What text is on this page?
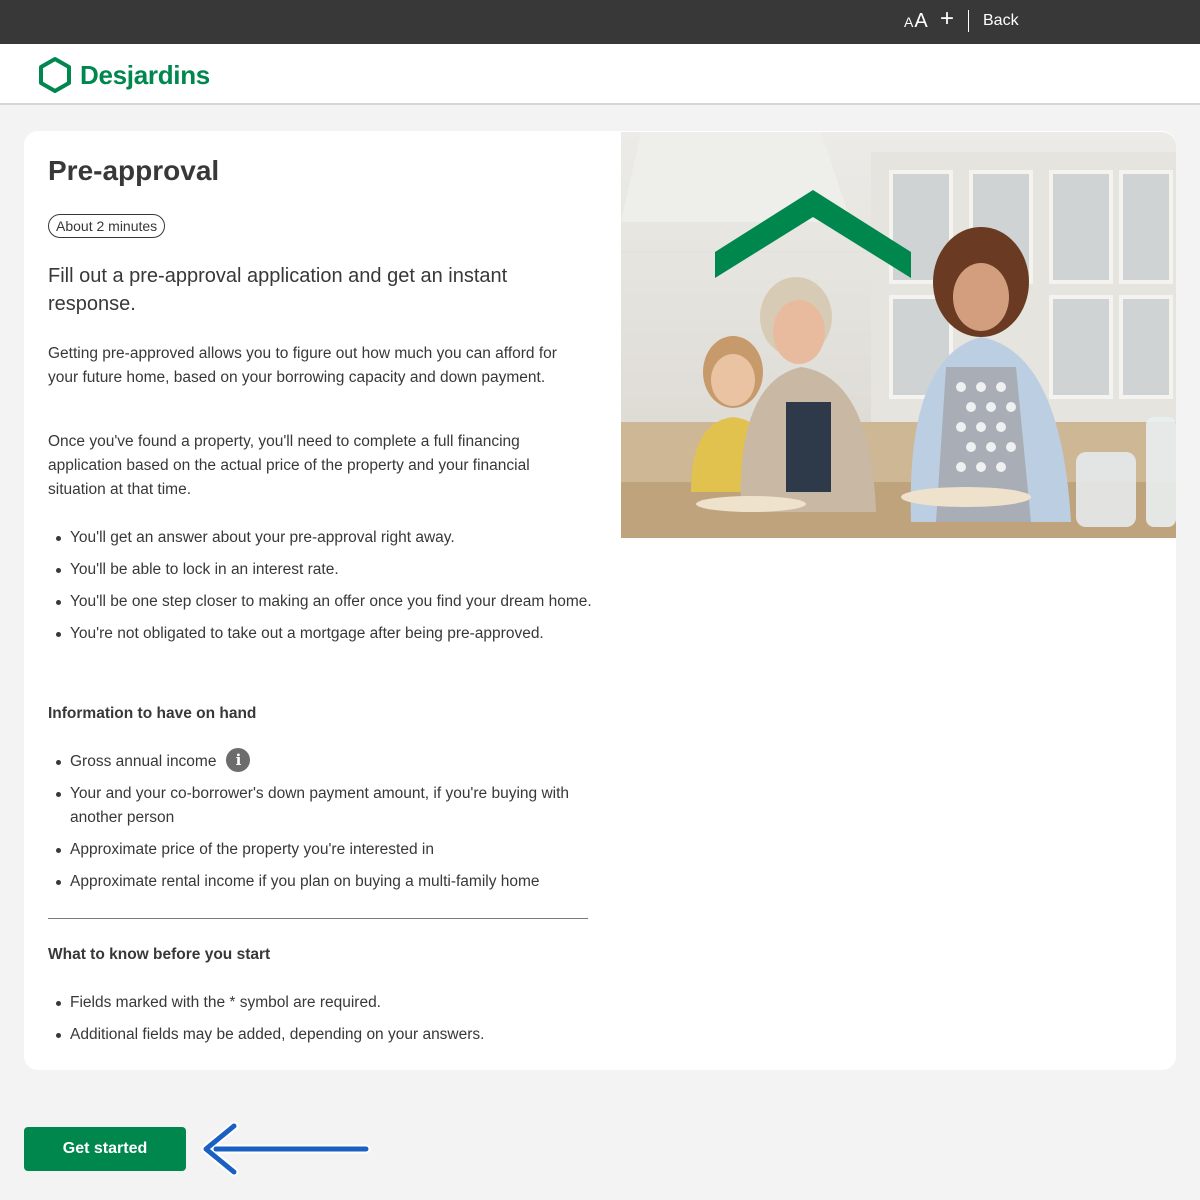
A A + Back
Desjardins
Pre-approval
About 2 minutes

Fill out a pre-approval application and get an instant response.

Getting pre-approved allows you to figure out how much you can afford for your future home, based on your borrowing capacity and down payment.

Once you've found a property, you'll need to complete a full financing application based on the actual price of the property and your financial situation at that time.

You'll get an answer about your pre-approval right away.
You'll be able to lock in an interest rate.
You'll be one step closer to making an offer once you find your dream home.
You're not obligated to take out a mortgage after being pre-approved.
Information to have on hand
Gross annual income i
Your and your co-borrower's down payment amount, if you're buying with another person
Approximate price of the property you're interested in
Approximate rental income if you plan on buying a multi-family home
What to know before you start
Fields marked with the * symbol are required.
Additional fields may be added, depending on your answers.
Get started
